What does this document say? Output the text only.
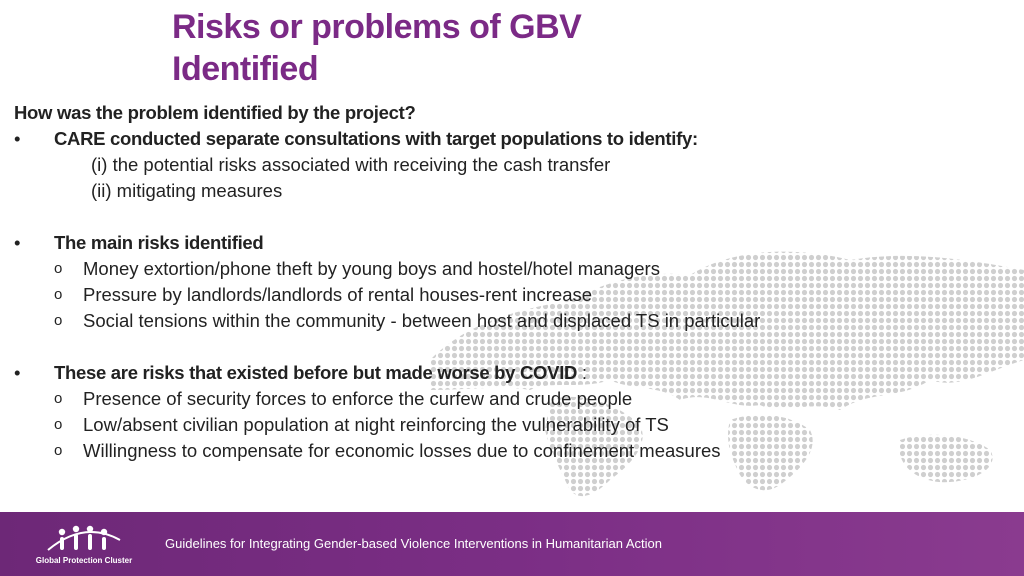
Risks or problems of GBV Identified
How was the problem identified by the project?
• CARE conducted separate consultations with target populations to identify:
(i) the potential risks associated with receiving the cash transfer
(ii) mitigating measures
• The main risks identified
o Money extortion/phone theft by young boys and hostel/hotel managers
o Pressure by landlords/landlords of rental houses-rent increase
o Social tensions within the community - between host and displaced TS in particular
• These are risks that existed before but made worse by COVID :
o Presence of security forces to enforce the curfew and crude people
o Low/absent civilian population at night reinforcing the vulnerability of TS
o Willingness to compensate for economic losses due to confinement measures
Global Protection Cluster
Guidelines for Integrating Gender-based Violence Interventions in Humanitarian Action
